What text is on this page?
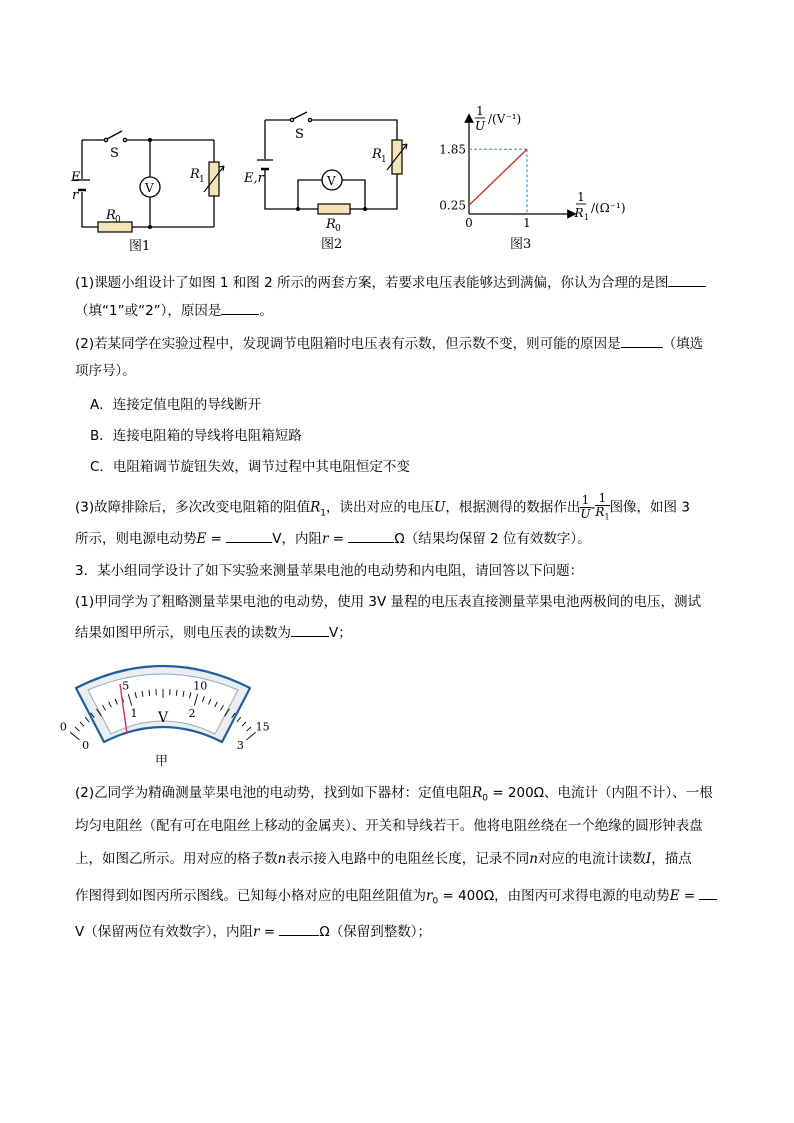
S
E
r	V
R 1
R 0
图1
S
E,r	V
R 1
R 0
图2
1.85
0.25
0	1
1
U /(V⁻¹)
1
R 1
/(Ω⁻¹)
图3
(1)课题小组设计了如图 1 和图 2 所示的两套方案，若要求电压表能够达到满偏，你认为合理的是图
（填“1”或“2”），原因是	。
(2)若某同学在实验过程中，发现调节电阻箱时电压表有示数，但示数不变，则可能的原因是	（填选
项序号）。
A．连接定值电阻的导线断开
B．连接电阻箱的导线将电阻箱短路
C．电阻箱调节旋钮失效，调节过程中其电阻恒定不变
(3)故障排除后，多次改变电阻箱的阻值$R_1$，读出对应的电压U，根据测得的数据作出 $\frac{1}{U} - \frac{1}{R_1}$ 图像，如图 3
所示，则电源电动势E =	V，内阻r =	Ω（结果均保留 2 位有效数字）。
3．某小组同学设计了如下实验来测量苹果电池的电动势和内电阻，请回答以下问题：
(1)甲同学为了粗略测量苹果电池的电动势，使用 3V 量程的电压表直接测量苹果电池两极间的电压，测试
结果如图甲所示，则电压表的读数为	V；
0
5	10
15
0
1	2
3
V
甲
(2)乙同学为精确测量苹果电池的电动势，找到如下器材：定值电阻$R_0 = 200\Omega$、电流计（内阻不计）、一根
均匀电阻丝（配有可在电阻丝上移动的金属夹）、开关和导线若干。他将电阻丝绕在一个绝缘的圆形钟表盘
上，如图乙所示。用对应的格子数n表示接入电路中的电阻丝长度，记录不同n对应的电流计读数I，描点
作图得到如图丙所示图线。已知每小格对应的电阻丝阻值为$r_0 = 400\Omega$，由图丙可求得电源的电动势E =
V（保留两位有效数字），内阻r =	Ω（保留到整数）；
